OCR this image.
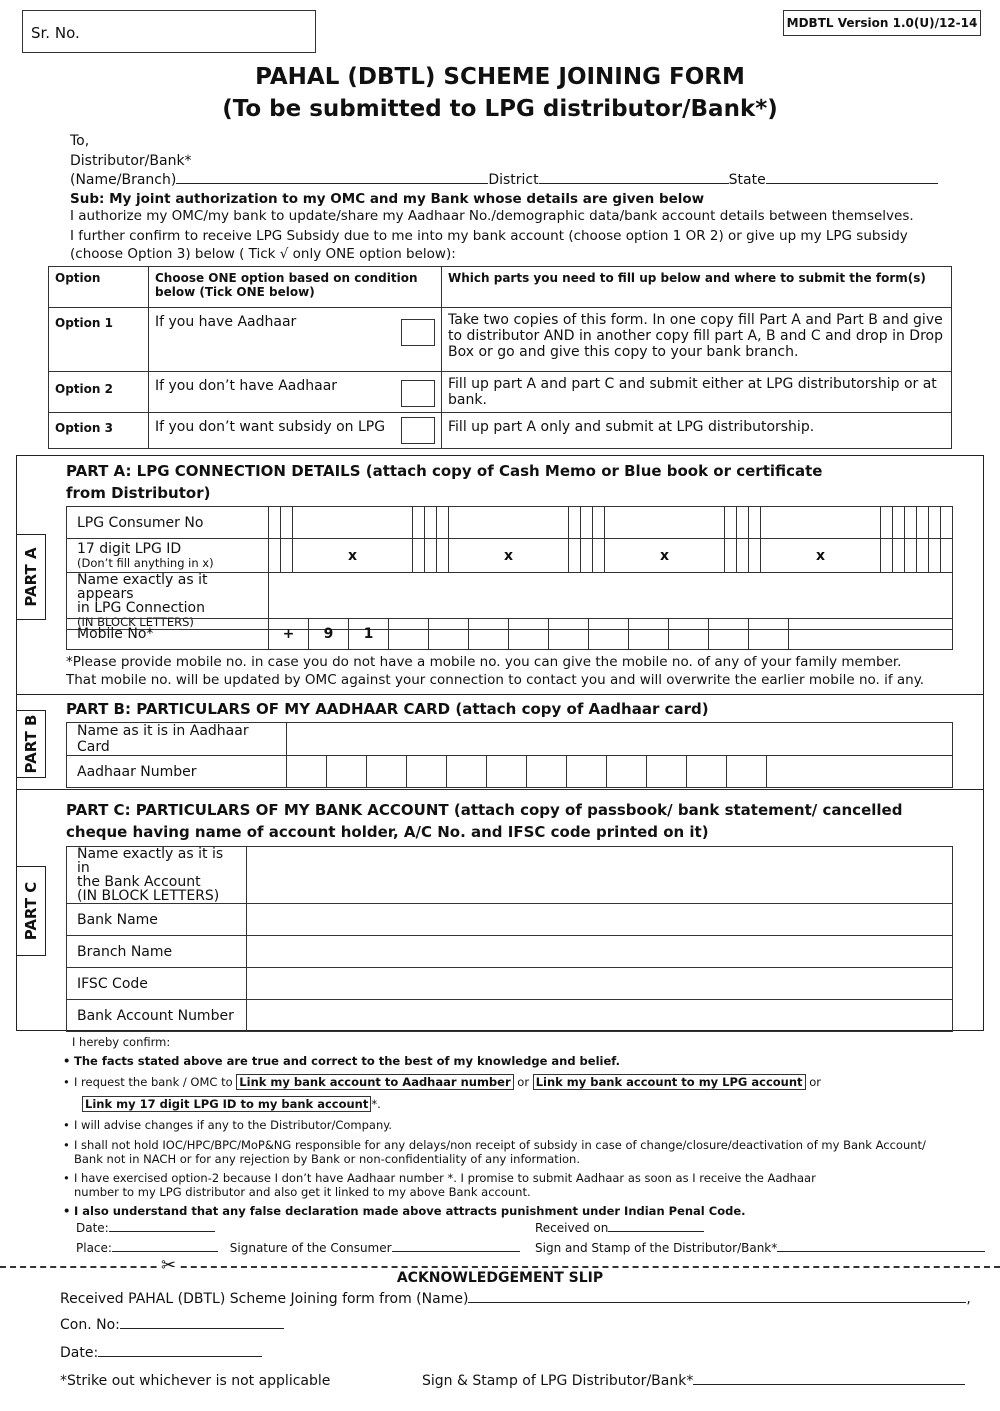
Sr. No.
MDBTL Version 1.0(U)/12-14
PAHAL (DBTL) SCHEME JOINING FORM
(To be submitted to LPG distributor/Bank*)
To,
Distributor/Bank*
(Name/Branch)	District	State
Sub: My joint authorization to my OMC and my Bank whose details are given below
I authorize my OMC/my bank to update/share my Aadhaar No./demographic data/bank account details between themselves.
I further confirm to receive LPG Subsidy due to me into my bank account (choose option 1 OR 2) or give up my LPG subsidy
(choose Option 3) below ( Tick √ only ONE option below):
Option	Choose ONE option based on condition below (Tick ONE below)	Which parts you need to fill up below and where to submit the form(s)
Option 1	If you have Aadhaar	Take two copies of this form. In one copy fill Part A and Part B and give to distributor AND in another copy fill part A, B and C and drop in Drop Box or go and give this copy to your bank branch.
Option 2	If you don’t have Aadhaar	Fill up part A and part C and submit either at LPG distributorship or at bank.
Option 3	If you don’t want subsidy on LPG	Fill up part A only and submit at LPG distributorship.
PART A
PART A: LPG CONNECTION DETAILS (attach copy of Cash Memo or Blue book or certificate
from Distributor)
LPG Consumer No																					

17 digit LPG ID
(Don’t fill anything in x)			x				x				x				x						

Name exactly as it appears
in LPG Connection
(IN BLOCK LETTERS)																					

Mobile No*	+	9	1											
*Please provide mobile no. in case you do not have a mobile no. you can give the mobile no. of any of your family member.
That mobile no. will be updated by OMC against your connection to contact you and will overwrite the earlier mobile no. if any.
PART B
PART B: PARTICULARS OF MY AADHAAR CARD (attach copy of Aadhaar card)
Name as it is in Aadhaar Card													
Aadhaar Number													
PART C
PART C: PARTICULARS OF MY BANK ACCOUNT (attach copy of passbook/ bank statement/ cancelled
cheque having name of account holder, A/C No. and IFSC code printed on it)
Name exactly as it is in
the Bank Account
(IN BLOCK LETTERS)	

Bank Name	
Branch Name	
IFSC Code	
Bank Account Number	
I hereby confirm:
• The facts stated above are true and correct to the best of my knowledge and belief.
• I request the bank / OMC to Link my bank account to Aadhaar number or Link my bank account to my LPG account or
Link my 17 digit LPG ID to my bank account *.
• I will advise changes if any to the Distributor/Company.
• I shall not hold IOC/HPC/BPC/MoP&NG responsible for any delays/non receipt of subsidy in case of change/closure/deactivation of my Bank Account/
Bank not in NACH or for any rejection by Bank or non-confidentiality of any information.
• I have exercised option-2 because I don’t have Aadhaar number *. I promise to submit Aadhaar as soon as I receive the Aadhaar
number to my LPG distributor and also get it linked to my above Bank account.
• I also understand that any false declaration made above attracts punishment under Indian Penal Code.
Date:	Received on
Place:	Signature of the Consumer	Sign and Stamp of the Distributor/Bank*
✂
ACKNOWLEDGEMENT SLIP
Received PAHAL (DBTL) Scheme Joining form from (Name)	,
Con. No:
Date:
*Strike out whichever is not applicable	Sign & Stamp of LPG Distributor/Bank*
